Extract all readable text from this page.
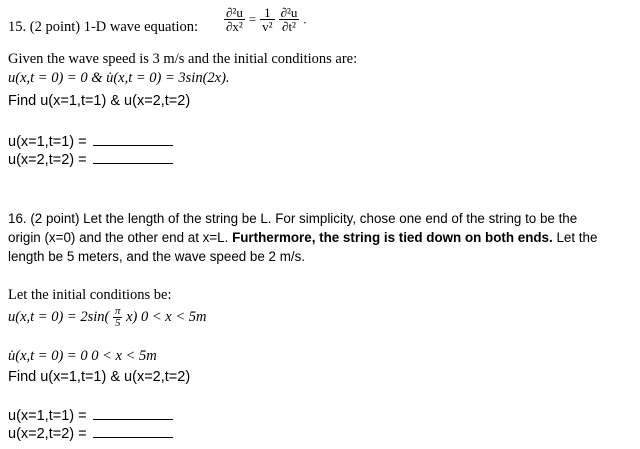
15. (2 point) 1-D wave equation: $\frac{\text{∂²u}}{\text{∂x²}} = \frac{1}{\text{v²}}$
$\frac{\text{∂²u}}{\text{∂t²}}$ .
Given the wave speed is 3 m/s and the initial conditions are:
u(x,t = 0) = 0 & u̇(x,t = 0) = 3sin(2x).
Find u(x=1,t=1) & u(x=2,t=2)
u(x=1,t=1) =
u(x=2,t=2) =
16. (2 point) Let the length of the string be L. For simplicity, chose one end of the string to be the
origin (x=0) and the other end at x=L. Furthermore, the string is tied down on both ends. Let the
length be 5 meters, and the wave speed be 2 m/s.
Let the initial conditions be:
$u(x,t = 0) = 2\sin( \frac{\pi}{5} x)$ 0 < x < 5m
u̇(x,t = 0) = 0 0 < x < 5m
Find u(x=1,t=1) & u(x=2,t=2)
u(x=1,t=1) =
u(x=2,t=2) =
